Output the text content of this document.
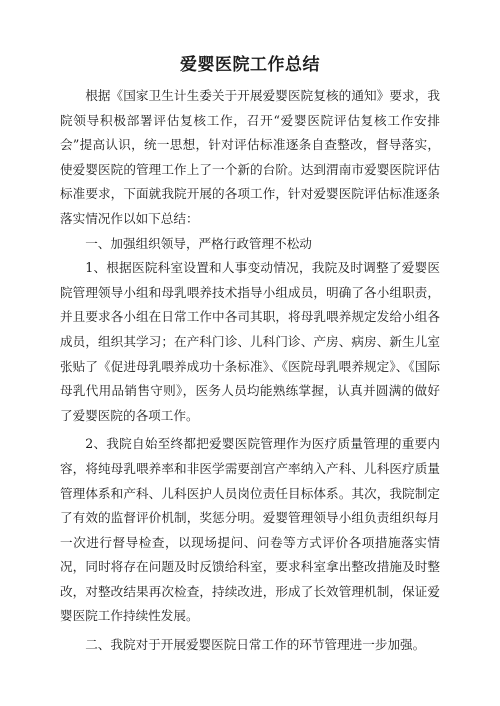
爱婴医院工作总结

根据《国家卫生计生委关于开展爱婴医院复核的通知》要求，我院领导积极部署评估复核工作，召开“爱婴医院评估复核工作安排会”提高认识，统一思想，针对评估标准逐条自查整改，督导落实，使爱婴医院的管理工作上了一个新的台阶。达到渭南市爱婴医院评估标准要求，下面就我院开展的各项工作，针对爱婴医院评估标准逐条落实情况作以如下总结：

一、加强组织领导，严格行政管理不松动

1、根据医院科室设置和人事变动情况，我院及时调整了爱婴医院管理领导小组和母乳喂养技术指导小组成员，明确了各小组职责，并且要求各小组在日常工作中各司其职，将母乳喂养规定发给小组各成员，组织其学习；在产科门诊、儿科门诊、产房、病房、新生儿室张贴了《促进母乳喂养成功十条标准》、《医院母乳喂养规定》、《国际母乳代用品销售守则》，医务人员均能熟练掌握，认真并圆满的做好了爱婴医院的各项工作。

2、我院自始至终都把爱婴医院管理作为医疗质量管理的重要内容，将纯母乳喂养率和非医学需要剖宫产率纳入产科、儿科医疗质量管理体系和产科、儿科医护人员岗位责任目标体系。其次，我院制定了有效的监督评价机制，奖惩分明。爱婴管理领导小组负责组织每月一次进行督导检查，以现场提问、问卷等方式评价各项措施落实情况，同时将存在问题及时反馈给科室，要求科室拿出整改措施及时整改，对整改结果再次检查，持续改进，形成了长效管理机制，保证爱婴医院工作持续性发展。

二、我院对于开展爱婴医院日常工作的环节管理进一步加强。
